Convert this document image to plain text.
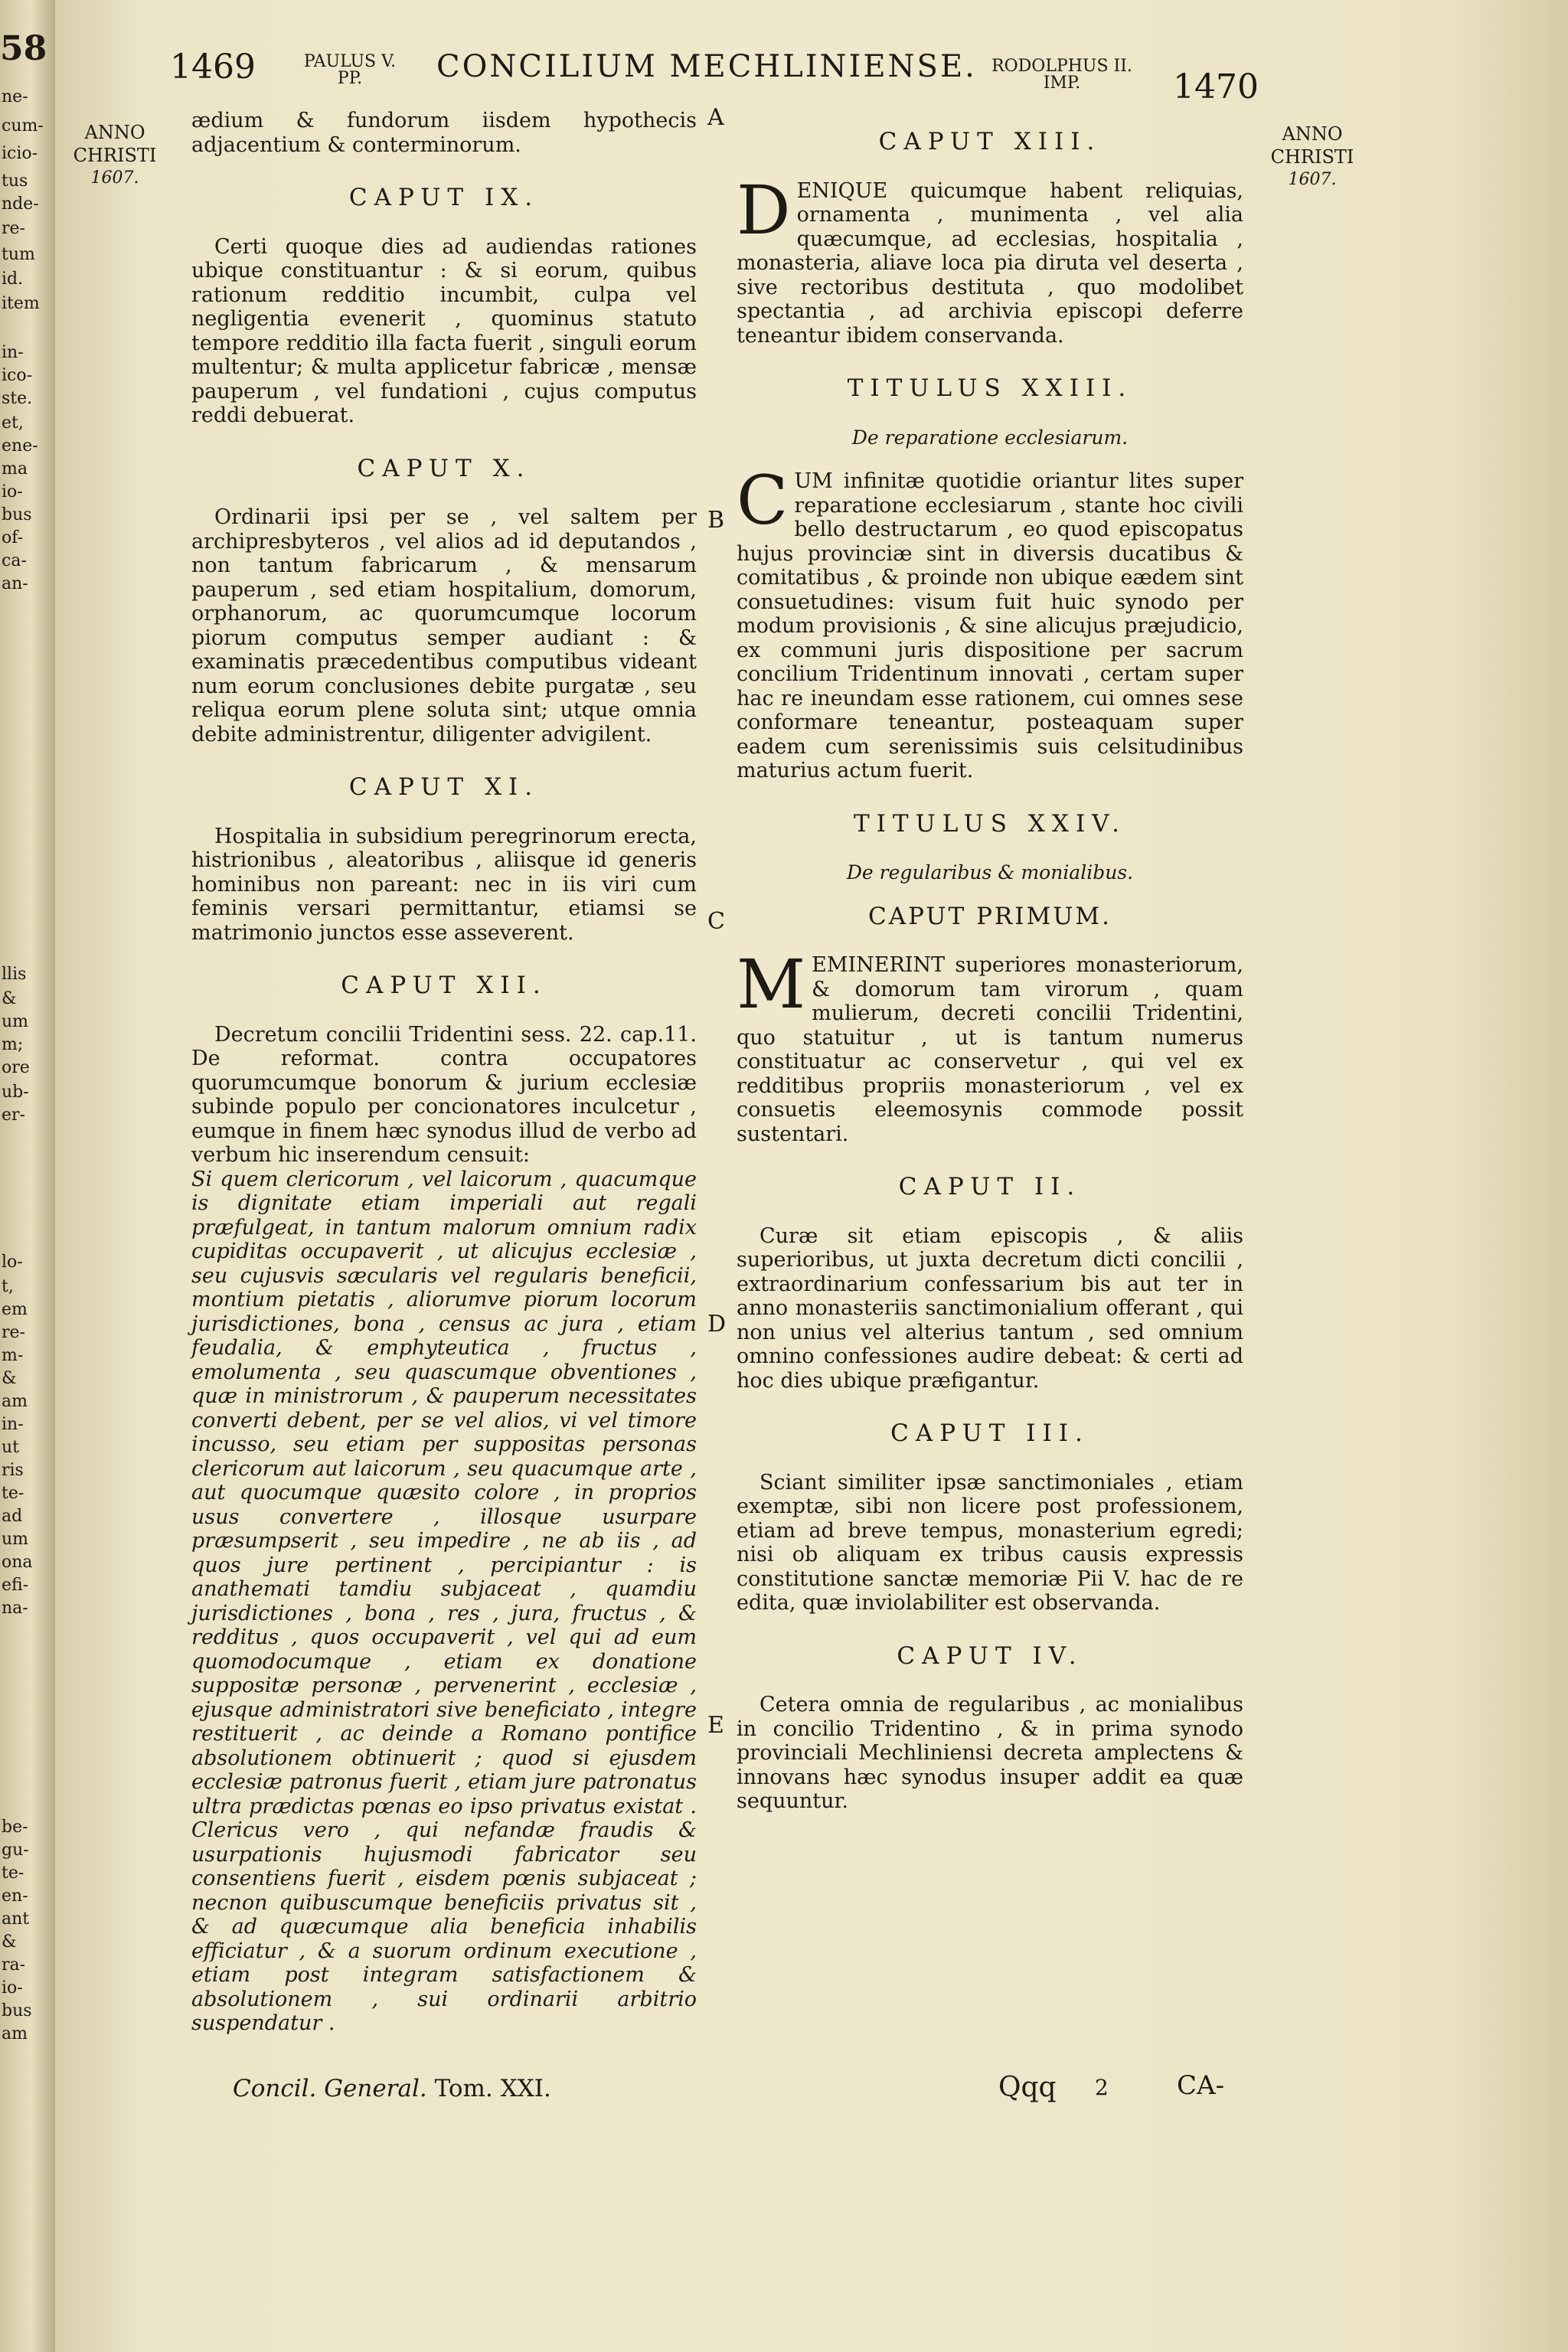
58
ne-
cum-
icio-
tus
nde-
re-
tum
id.
item
in-
ico-
ste.
et,
ene-
ma
io-
bus
of-
ca-
an-
llis
&
um
m;
ore
ub-
er-
lo-
t,
em
re-
m-
&
am
in-
ut
ris
te-
ad
um
ona
efi-
na-
be-
gu-
te-
en-
ant
&
ra-
io-
bus
am
1469	PAULUS V.
PP.	CONCILIUM MECHLINIENSE. RODOLPHUS II.
IMP.	1470
ANNO
CHRISTI
1607.
ANNO
CHRISTI
1607.
A
B
C
D
E

ædium & fundorum iisdem hypothecis adjacentium & conterminorum.

CAPUT IX.

Certi quoque dies ad audiendas rationes ubique constituantur : & si eorum, quibus rationum redditio incumbit, culpa vel negligentia evenerit , quominus statuto tempore redditio illa facta fuerit , singuli eorum multentur; & multa applicetur fabricæ , mensæ pauperum , vel fundationi , cujus computus reddi debuerat.

CAPUT X.

Ordinarii ipsi per se , vel saltem per archipresbyteros , vel alios ad id deputandos , non tantum fabricarum , & mensarum pauperum , sed etiam hospitalium, domorum, orphanorum, ac quorumcumque locorum piorum computus semper audiant : & examinatis præcedentibus computibus videant num eorum conclusiones debite purgatæ , seu reliqua eorum plene soluta sint; utque omnia debite administrentur, diligenter advigilent.

CAPUT XI.

Hospitalia in subsidium peregrinorum erecta, histrionibus , aleatoribus , aliisque id generis hominibus non pareant: nec in iis viri cum feminis versari permittantur, etiamsi se matrimonio junctos esse asseverent.

CAPUT XII.

Decretum concilii Tridentini sess. 22. cap.11. De reformat. contra occupatores quorumcumque bonorum & jurium ecclesiæ subinde populo per concionatores inculcetur , eumque in finem hæc synodus illud de verbo ad verbum hic inserendum censuit:

Si quem clericorum , vel laicorum , quacumque is dignitate etiam imperiali aut regali præfulgeat, in tantum malorum omnium radix cupiditas occupaverit , ut alicujus ecclesiæ , seu cujusvis sæcularis vel regularis beneficii, montium pietatis , aliorumve piorum locorum jurisdictiones, bona , census ac jura , etiam feudalia, & emphyteutica , fructus , emolumenta , seu quascumque obventiones , quæ in ministrorum , & pauperum necessitates converti debent, per se vel alios, vi vel timore incusso, seu etiam per suppositas personas clericorum aut laicorum , seu quacumque arte , aut quocumque quæsito colore , in proprios usus convertere , illosque usurpare præsumpserit , seu impedire , ne ab iis , ad quos jure pertinent , percipiantur : is anathemati tamdiu subjaceat , quamdiu jurisdictiones , bona , res , jura, fructus , & redditus , quos occupaverit , vel qui ad eum quomodocumque , etiam ex donatione suppositæ personæ , pervenerint , ecclesiæ , ejusque administratori sive beneficiato , integre restituerit , ac deinde a Romano pontifice absolutionem obtinuerit ; quod si ejusdem ecclesiæ patronus fuerit , etiam jure patronatus ultra prædictas pœnas eo ipso privatus existat . Clericus vero , qui nefandæ fraudis & usurpationis hujusmodi fabricator seu consentiens fuerit , eisdem pœnis subjaceat ; necnon quibuscumque beneficiis privatus sit , & ad quæcumque alia beneficia inhabilis efficiatur , & a suorum ordinum executione , etiam post integram satisfactionem & absolutionem , sui ordinarii arbitrio suspendatur .

CAPUT XIII.

DENIQUE quicumque habent reliquias, ornamenta , munimenta , vel alia quæcumque, ad ecclesias, hospitalia , monasteria, aliave loca pia diruta vel deserta , sive rectoribus destituta , quo modolibet spectantia , ad archivia episcopi deferre teneantur ibidem conservanda.

TITULUS XXIII.
De reparatione ecclesiarum.

CUM infinitæ quotidie oriantur lites super reparatione ecclesiarum , stante hoc civili bello destructarum , eo quod episcopatus hujus provinciæ sint in diversis ducatibus & comitatibus , & proinde non ubique eædem sint consuetudines: visum fuit huic synodo per modum provisionis , & sine alicujus præjudicio, ex communi juris dispositione per sacrum concilium Tridentinum innovati , certam super hac re ineundam esse rationem, cui omnes sese conformare teneantur, posteaquam super eadem cum serenissimis suis celsitudinibus maturius actum fuerit.

TITULUS XXIV.
De regularibus & monialibus.
CAPUT PRIMUM.

MEMINERINT superiores monasteriorum, & domorum tam virorum , quam mulierum, decreti concilii Tridentini, quo statuitur , ut is tantum numerus constituatur ac conservetur , qui vel ex redditibus propriis monasteriorum , vel ex consuetis eleemosynis commode possit sustentari.

CAPUT II.

Curæ sit etiam episcopis , & aliis superioribus, ut juxta decretum dicti concilii , extraordinarium confessarium bis aut ter in anno monasteriis sanctimonialium offerant , qui non unius vel alterius tantum , sed omnium omnino confessiones audire debeat: & certi ad hoc dies ubique præfigantur.

CAPUT III.

Sciant similiter ipsæ sanctimoniales , etiam exemptæ, sibi non licere post professionem, etiam ad breve tempus, monasterium egredi; nisi ob aliquam ex tribus causis expressis constitutione sanctæ memoriæ Pii V. hac de re edita, quæ inviolabiliter est observanda.

CAPUT IV.

Cetera omnia de regularibus , ac monialibus in concilio Tridentino , & in prima synodo provinciali Mechliniensi decreta amplectens & innovans hæc synodus insuper addit ea quæ sequuntur.

Concil. General. Tom. XXI.	Qqq 2	CA-
